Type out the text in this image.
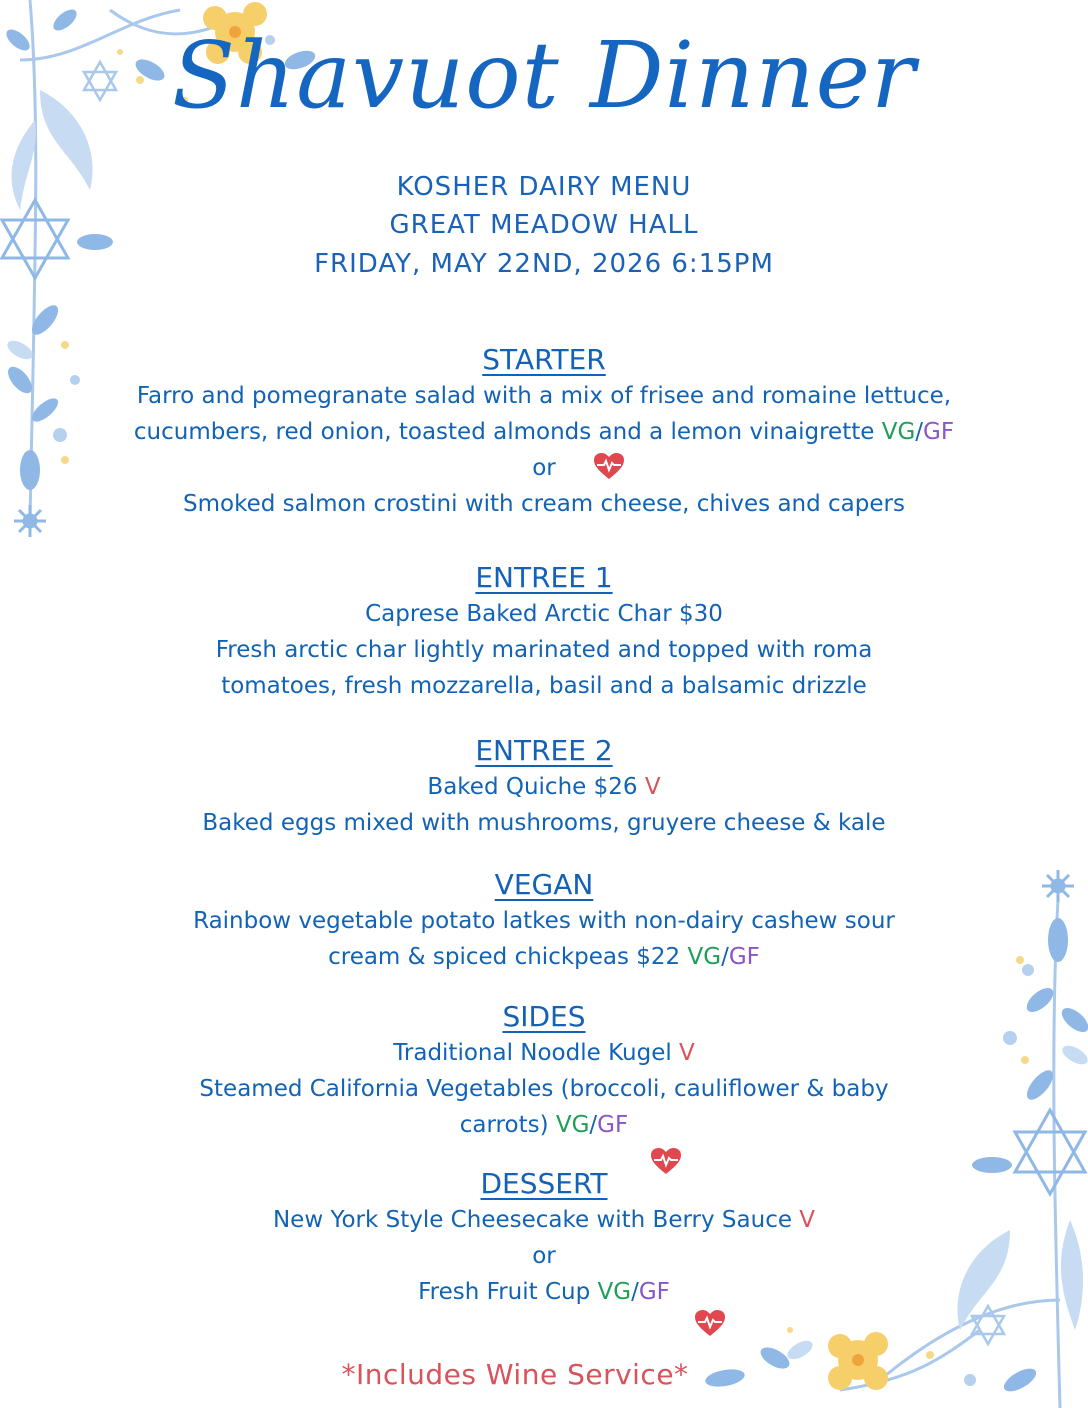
Shavuot Dinner
KOSHER DAIRY MENU
GREAT MEADOW HALL
FRIDAY, MAY 22ND, 2026 6:15PM

STARTER

Farro and pomegranate salad with a mix of frisee and romaine lettuce,

cucumbers, red onion, toasted almonds and a lemon vinaigrette VG/GF

or

Smoked salmon crostini with cream cheese, chives and capers

ENTREE 1

Caprese Baked Arctic Char $30

Fresh arctic char lightly marinated and topped with roma

tomatoes, fresh mozzarella, basil and a balsamic drizzle

ENTREE 2

Baked Quiche $26 V

Baked eggs mixed with mushrooms, gruyere cheese & kale

VEGAN

Rainbow vegetable potato latkes with non-dairy cashew sour

cream & spiced chickpeas $22 VG/GF

SIDES

Traditional Noodle Kugel V

Steamed California Vegetables (broccoli, cauliflower & baby

carrots) VG/GF

DESSERT

New York Style Cheesecake with Berry Sauce V

or

Fresh Fruit Cup VG/GF

*Includes Wine Service*
